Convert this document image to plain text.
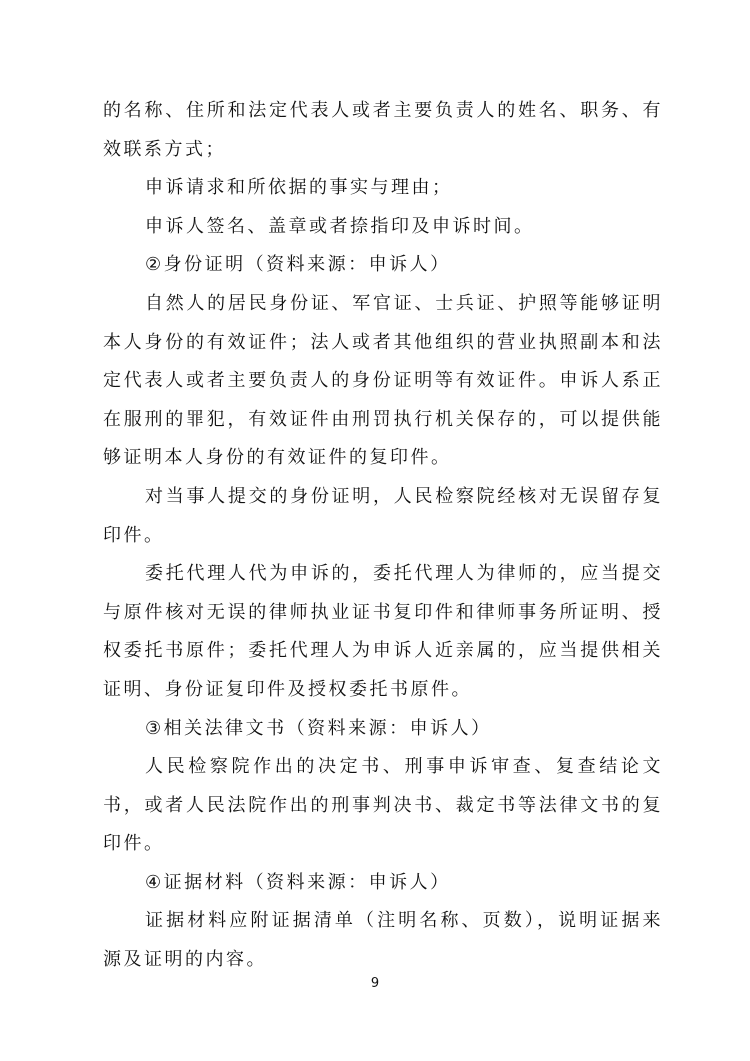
的名称、住所和法定代表人或者主要负责人的姓名、职务、有效联系方式；

申诉请求和所依据的事实与理由；

申诉人签名、盖章或者捺指印及申诉时间。

②身份证明（资料来源：申诉人）

自然人的居民身份证、军官证、士兵证、护照等能够证明本人身份的有效证件；法人或者其他组织的营业执照副本和法定代表人或者主要负责人的身份证明等有效证件。申诉人系正在服刑的罪犯，有效证件由刑罚执行机关保存的，可以提供能够证明本人身份的有效证件的复印件。

对当事人提交的身份证明，人民检察院经核对无误留存复印件。

委托代理人代为申诉的，委托代理人为律师的，应当提交与原件核对无误的律师执业证书复印件和律师事务所证明、授权委托书原件；委托代理人为申诉人近亲属的，应当提供相关证明、身份证复印件及授权委托书原件。

③相关法律文书（资料来源：申诉人）

人民检察院作出的决定书、刑事申诉审查、复查结论文书，或者人民法院作出的刑事判决书、裁定书等法律文书的复印件。

④证据材料（资料来源：申诉人）

证据材料应附证据清单（注明名称、页数），说明证据来源及证明的内容。

9
